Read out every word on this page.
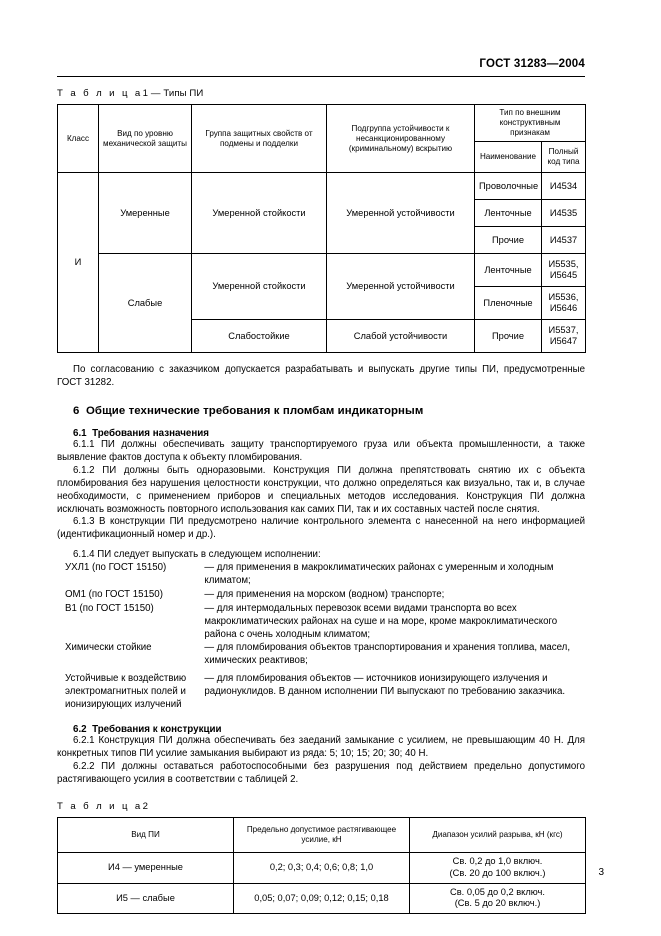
ГОСТ 31283—2004

Т а б л и ц а1 — Типы ПИ

Класс	Вид по уровню механической защиты	Группа защитных свойств от подмены и подделки	Подгруппа устойчивости к несанкционированному (криминальному) вскрытию	Тип по внешним конструктивным признакам	
				Наименование	Полный код типа
И	Умеренные	Умеренной стойкости	Умеренной устойчивости	Проволочные	И4534
				Ленточные	И4535
				Прочие	И4537
	Слабые	Умеренной стойкости	Умеренной устойчивости	Ленточные	И5535, И5645
				Пленочные	И5536, И5646
		Слабостойкие	Слабой устойчивости	Прочие	И5537, И5647

По согласованию с заказчиком допускается разрабатывать и выпускать другие типы ПИ, предусмотренные ГОСТ 31282.

6 Общие технические требования к пломбам индикаторным
6.1 Требования назначения

6.1.1 ПИ должны обеспечивать защиту транспортируемого груза или объекта промышленности, а также выявление фактов доступа к объекту пломбирования.

6.1.2 ПИ должны быть одноразовыми. Конструкция ПИ должна препятствовать снятию их с объекта пломбирования без нарушения целостности конструкции, что должно определяться как визуально, так и, в случае необходимости, с применением приборов и специальных методов исследования. Конструкция ПИ должна исключать возможность повторного использования как самих ПИ, так и их составных частей после снятия.

6.1.3 В конструкции ПИ предусмотрено наличие контрольного элемента с нанесенной на него информацией (идентификационный номер и др.).

6.1.4 ПИ следует выпускать в следующем исполнении:

УХЛ1 (по ГОСТ 15150)	— для применения в макроклиматических районах с умеренным и холодным климатом;
ОМ1 (по ГОСТ 15150)	— для применения на морском (водном) транспорте;
В1 (по ГОСТ 15150)	— для интермодальных перевозок всеми видами транспорта во всех макроклиматических районах на суше и на море, кроме макроклиматического района с очень холодным климатом;
Химически стойкие	— для пломбирования объектов транспортирования и хранения топлива, масел, химических реактивов;
Устойчивые к воздействию электромагнитных полей и ионизирующих излучений	— для пломбирования объектов — источников ионизирующего излучения и радионуклидов. В данном исполнении ПИ выпускают по требованию заказчика.
6.2 Требования к конструкции

6.2.1 Конструкция ПИ должна обеспечивать без заеданий замыкание с усилием, не превышающим 40 Н. Для конкретных типов ПИ усилие замыкания выбирают из ряда: 5; 10; 15; 20; 30; 40 Н.

6.2.2 ПИ должны оставаться работоспособными без разрушения под действием предельно допустимого растягивающего усилия в соответствии с таблицей 2.

Т а б л и ц а2

Вид ПИ	Предельно допустимое растягивающее усилие, кН	Диапазон усилий разрыва, кН (кгс)
И4 — умеренные	0,2; 0,3; 0,4; 0,6; 0,8; 1,0	Св. 0,2 до 1,0 включ.
(Св. 20 до 100 включ.)
И5 — слабые	0,05; 0,07; 0,09; 0,12; 0,15; 0,18	Св. 0,05 до 0,2 включ.
(Св. 5 до 20 включ.)
3
